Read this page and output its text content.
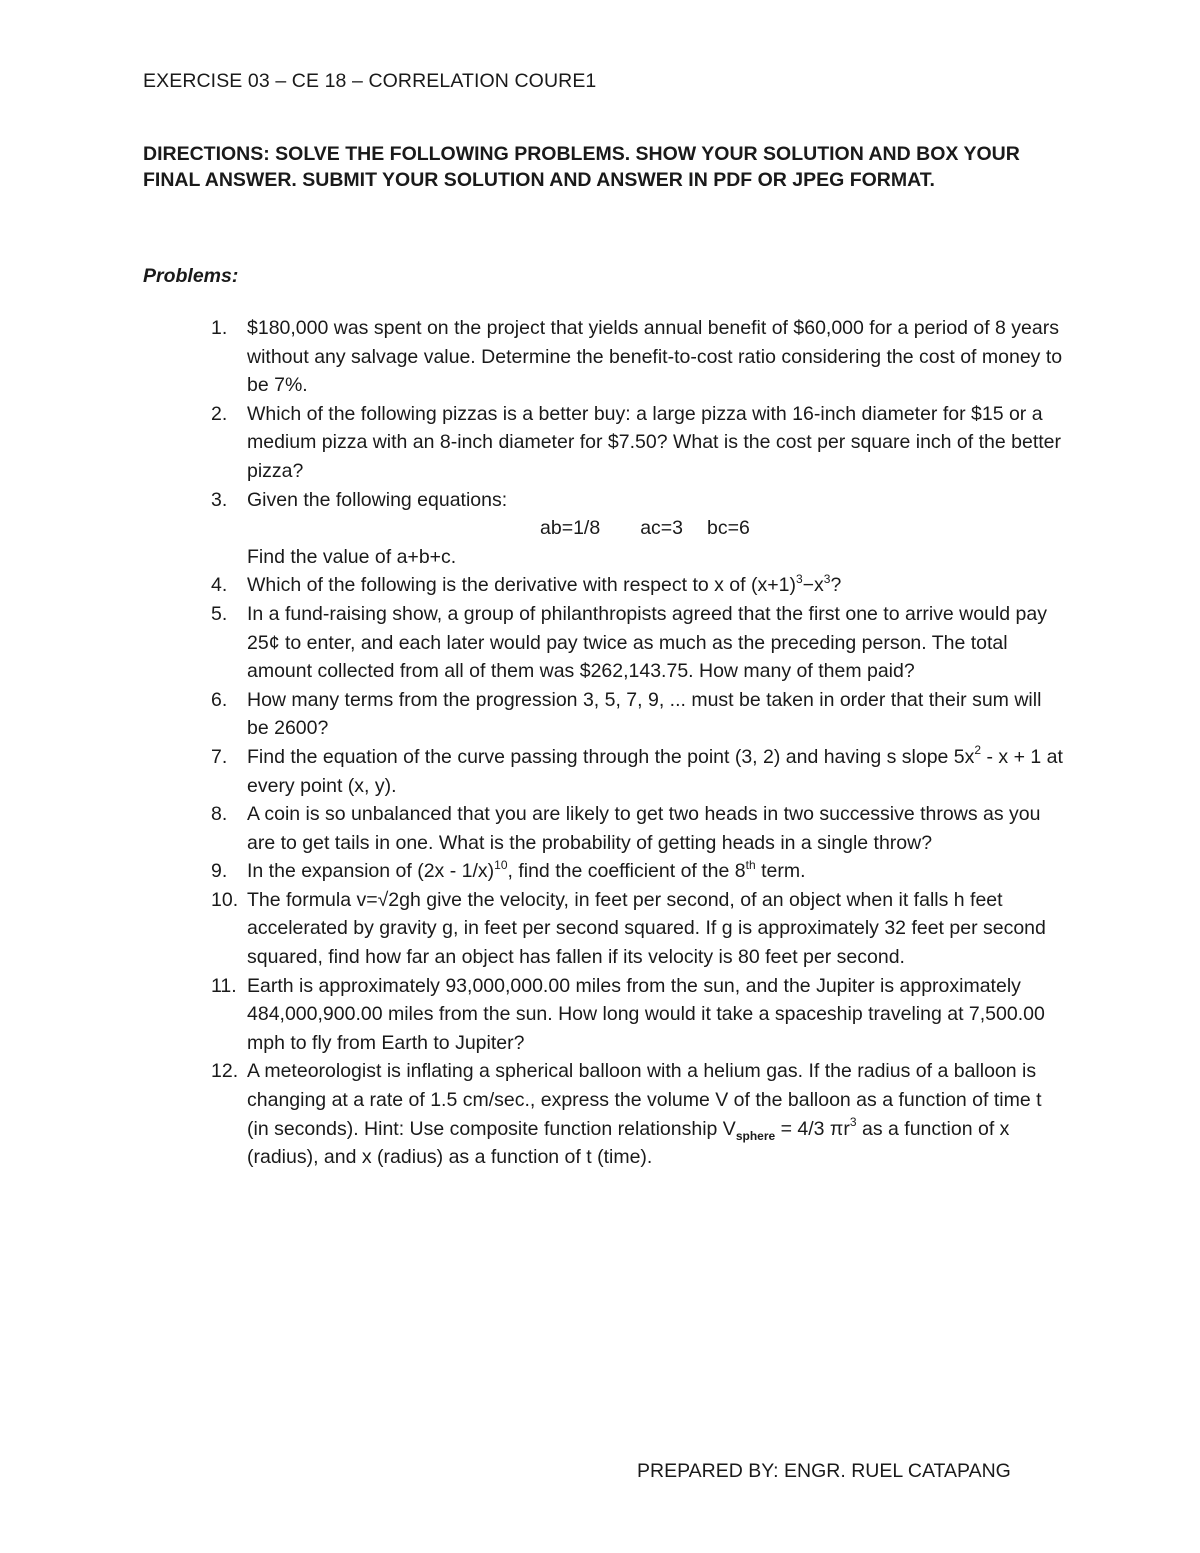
EXERCISE 03 – CE 18 – CORRELATION COURE1

DIRECTIONS: SOLVE THE FOLLOWING PROBLEMS. SHOW YOUR SOLUTION AND BOX YOUR FINAL ANSWER. SUBMIT YOUR SOLUTION AND ANSWER IN PDF OR JPEG FORMAT.

Problems:

1. $180,000 was spent on the project that yields annual benefit of $60,000 for a period of 8 years without any salvage value. Determine the benefit-to-cost ratio considering the cost of money to be 7%.
2. Which of the following pizzas is a better buy: a large pizza with 16-inch diameter for $15 or a medium pizza with an 8-inch diameter for $7.50? What is the cost per square inch of the better pizza?
3. Given the following equations:
ab=1/8 ac=3 bc=6
Find the value of a+b+c.
4. Which of the following is the derivative with respect to x of $(x+1)^3-x^3$?
5. In a fund-raising show, a group of philanthropists agreed that the first one to arrive would pay 25¢ to enter, and each later would pay twice as much as the preceding person. The total amount collected from all of them was $262,143.75. How many of them paid?
6. How many terms from the progression 3, 5, 7, 9, ... must be taken in order that their sum will be 2600?
7. Find the equation of the curve passing through the point (3, 2) and having s slope $5x^2 - x + 1$ at every point (x, y).
8. A coin is so unbalanced that you are likely to get two heads in two successive throws as you are to get tails in one. What is the probability of getting heads in a single throw?
9. In the expansion of (2x - 1/x)$^{10}$, find the coefficient of the 8th term.
10. The formula v=√2gh give the velocity, in feet per second, of an object when it falls h feet accelerated by gravity g, in feet per second squared. If g is approximately 32 feet per second squared, find how far an object has fallen if its velocity is 80 feet per second.
11. Earth is approximately 93,000,000.00 miles from the sun, and the Jupiter is approximately 484,000,900.00 miles from the sun. How long would it take a spaceship traveling at 7,500.00 mph to fly from Earth to Jupiter?
12. A meteorologist is inflating a spherical balloon with a helium gas. If the radius of a balloon is changing at a rate of 1.5 cm/sec., express the volume V of the balloon as a function of time t (in seconds). Hint: Use composite function relationship $V_{sphere} = 4/3$ $\pi r^3$ as a function of x (radius), and x (radius) as a function of t (time).

PREPARED BY: ENGR. RUEL CATAPANG
